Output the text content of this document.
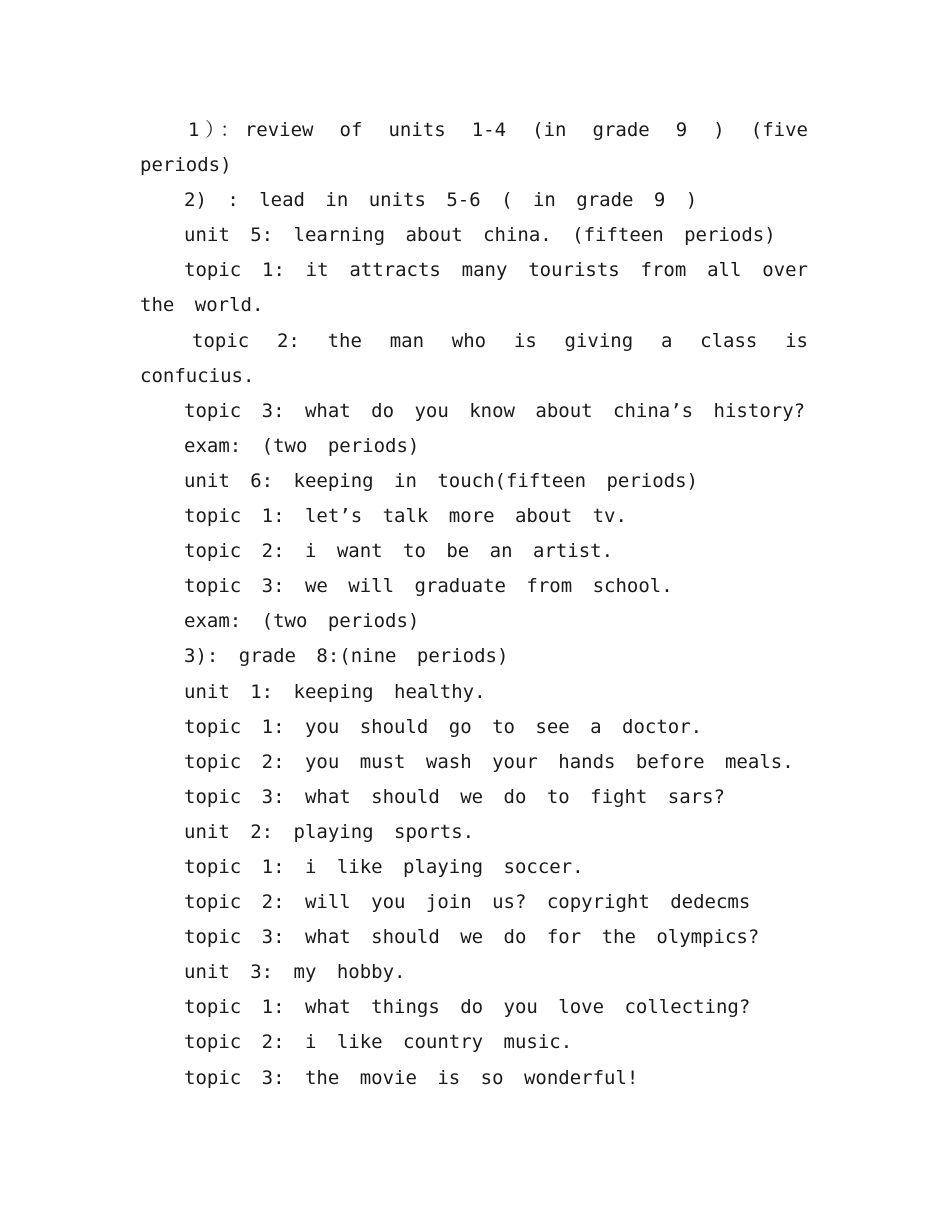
1）：review of units 1-4 (in grade 9 ) (five
periods)
2) : lead in units 5-6 ( in grade 9 )
unit 5: learning about china. (fifteen periods)
topic 1: it attracts many tourists from all over
the world.
topic 2: the man who is giving a class is
confucius.
topic 3: what do you know about china’s history?
exam: (two periods)
unit 6: keeping in touch(fifteen periods)
topic 1: let’s talk more about tv.
topic 2: i want to be an artist.
topic 3: we will graduate from school.
exam: (two periods)
3): grade 8:(nine periods)
unit 1: keeping healthy.
topic 1: you should go to see a doctor.
topic 2: you must wash your hands before meals.
topic 3: what should we do to fight sars?
unit 2: playing sports.
topic 1: i like playing soccer.
topic 2: will you join us? copyright dedecms
topic 3: what should we do for the olympics?
unit 3: my hobby.
topic 1: what things do you love collecting?
topic 2: i like country music.
topic 3: the movie is so wonderful!
